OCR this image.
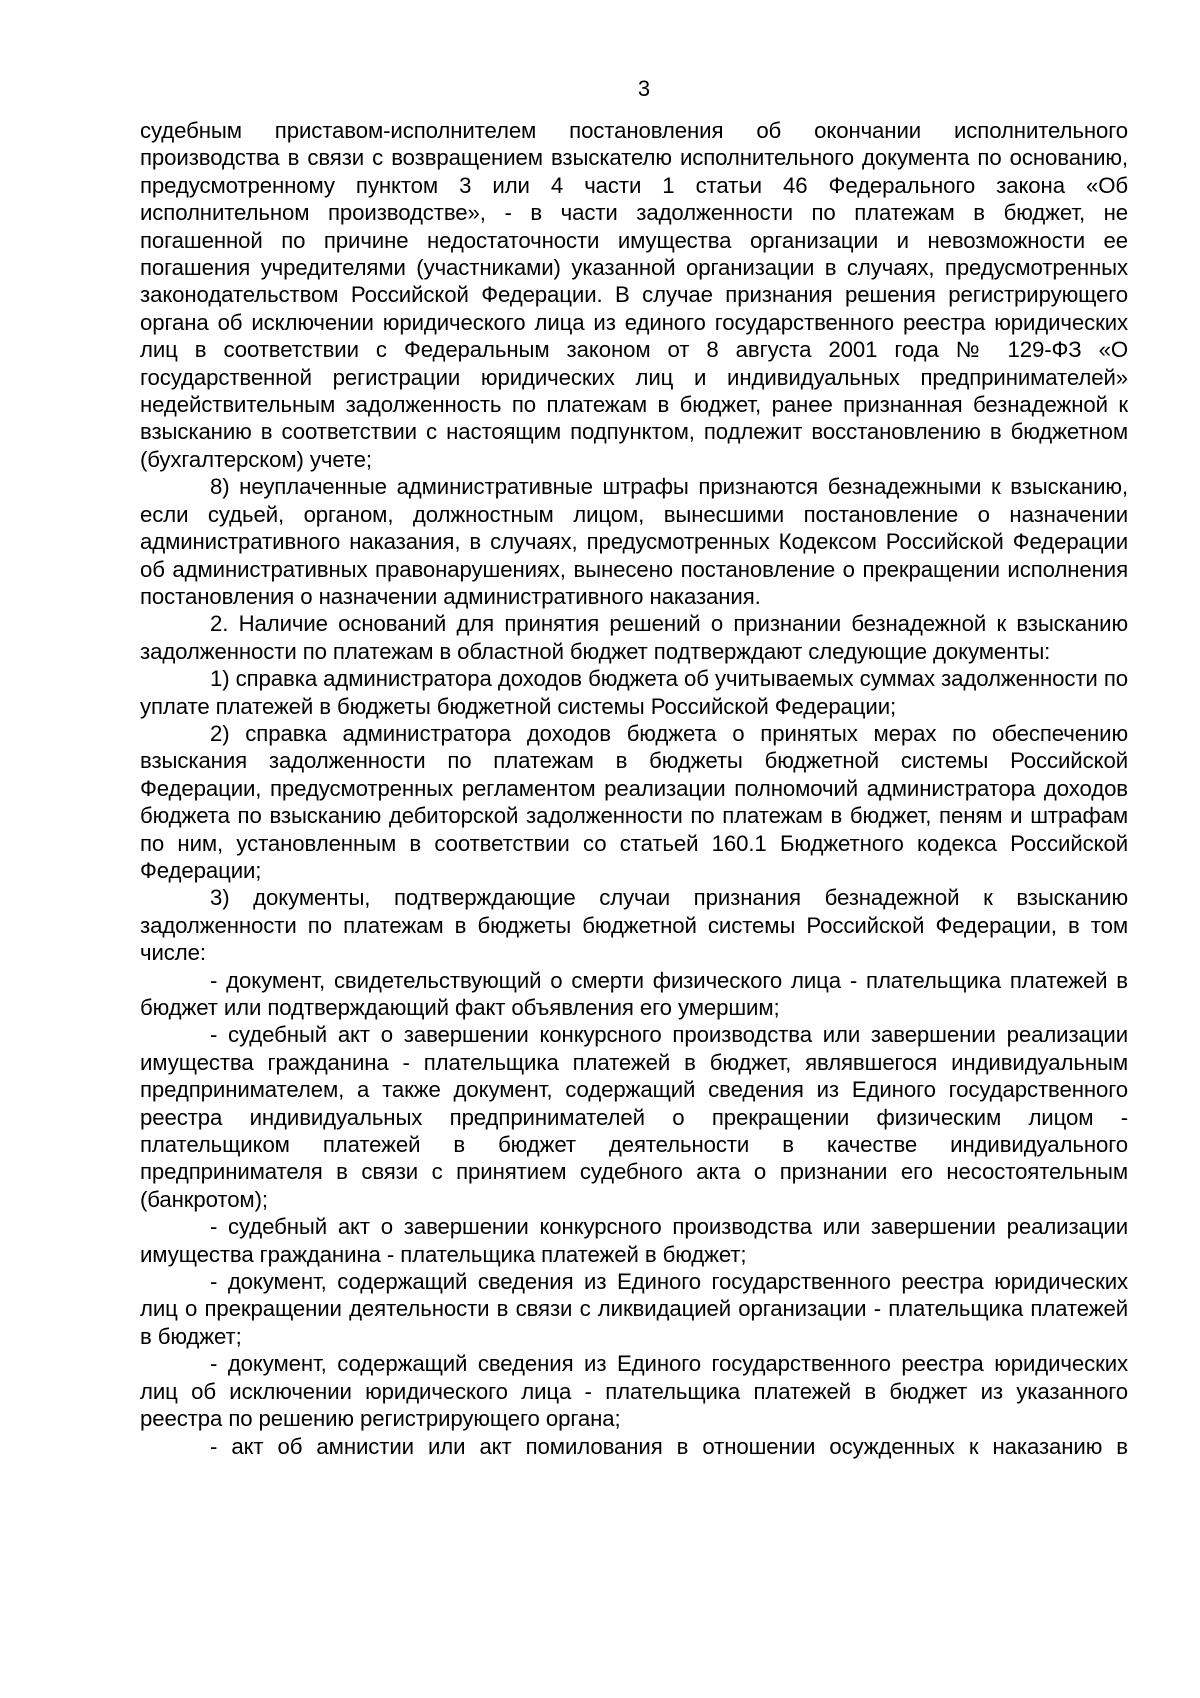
3

судебным приставом-исполнителем постановления об окончании исполнительного производства в связи с возвращением взыскателю исполнительного документа по основанию, предусмотренному пунктом 3 или 4 части 1 статьи 46 Федерального закона «Об исполнительном производстве», - в части задолженности по платежам в бюджет, не погашенной по причине недостаточности имущества организации и невозможности ее погашения учредителями (участниками) указанной организации в случаях, предусмотренных законодательством Российской Федерации. В случае признания решения регистрирующего органа об исключении юридического лица из единого государственного реестра юридических лиц в соответствии с Федеральным законом от 8 августа 2001 года № 129-ФЗ «О государственной регистрации юридических лиц и индивидуальных предпринимателей» недействительным задолженность по платежам в бюджет, ранее признанная безнадежной к взысканию в соответствии с настоящим подпунктом, подлежит восстановлению в бюджетном (бухгалтерском) учете;

8) неуплаченные административные штрафы признаются безнадежными к взысканию, если судьей, органом, должностным лицом, вынесшими постановление о назначении административного наказания, в случаях, предусмотренных Кодексом Российской Федерации об административных правонарушениях, вынесено постановление о прекращении исполнения постановления о назначении административного наказания.

2. Наличие оснований для принятия решений о признании безнадежной к взысканию задолженности по платежам в областной бюджет подтверждают следующие документы:

1) справка администратора доходов бюджета об учитываемых суммах задолженности по уплате платежей в бюджеты бюджетной системы Российской Федерации;

2) справка администратора доходов бюджета о принятых мерах по обеспечению взыскания задолженности по платежам в бюджеты бюджетной системы Российской Федерации, предусмотренных регламентом реализации полномочий администратора доходов бюджета по взысканию дебиторской задолженности по платежам в бюджет, пеням и штрафам по ним, установленным в соответствии со статьей 160.1 Бюджетного кодекса Российской Федерации;

3) документы, подтверждающие случаи признания безнадежной к взысканию задолженности по платежам в бюджеты бюджетной системы Российской Федерации, в том числе:

- документ, свидетельствующий о смерти физического лица - плательщика платежей в бюджет или подтверждающий факт объявления его умершим;

- судебный акт о завершении конкурсного производства или завершении реализации имущества гражданина - плательщика платежей в бюджет, являвшегося индивидуальным предпринимателем, а также документ, содержащий сведения из Единого государственного реестра индивидуальных предпринимателей о прекращении физическим лицом - плательщиком платежей в бюджет деятельности в качестве индивидуального предпринимателя в связи с принятием судебного акта о признании его несостоятельным (банкротом);

- судебный акт о завершении конкурсного производства или завершении реализации имущества гражданина - плательщика платежей в бюджет;

- документ, содержащий сведения из Единого государственного реестра юридических лиц о прекращении деятельности в связи с ликвидацией организации - плательщика платежей в бюджет;

- документ, содержащий сведения из Единого государственного реестра юридических лиц об исключении юридического лица - плательщика платежей в бюджет из указанного реестра по решению регистрирующего органа;

- акт об амнистии или акт помилования в отношении осужденных к наказанию в
